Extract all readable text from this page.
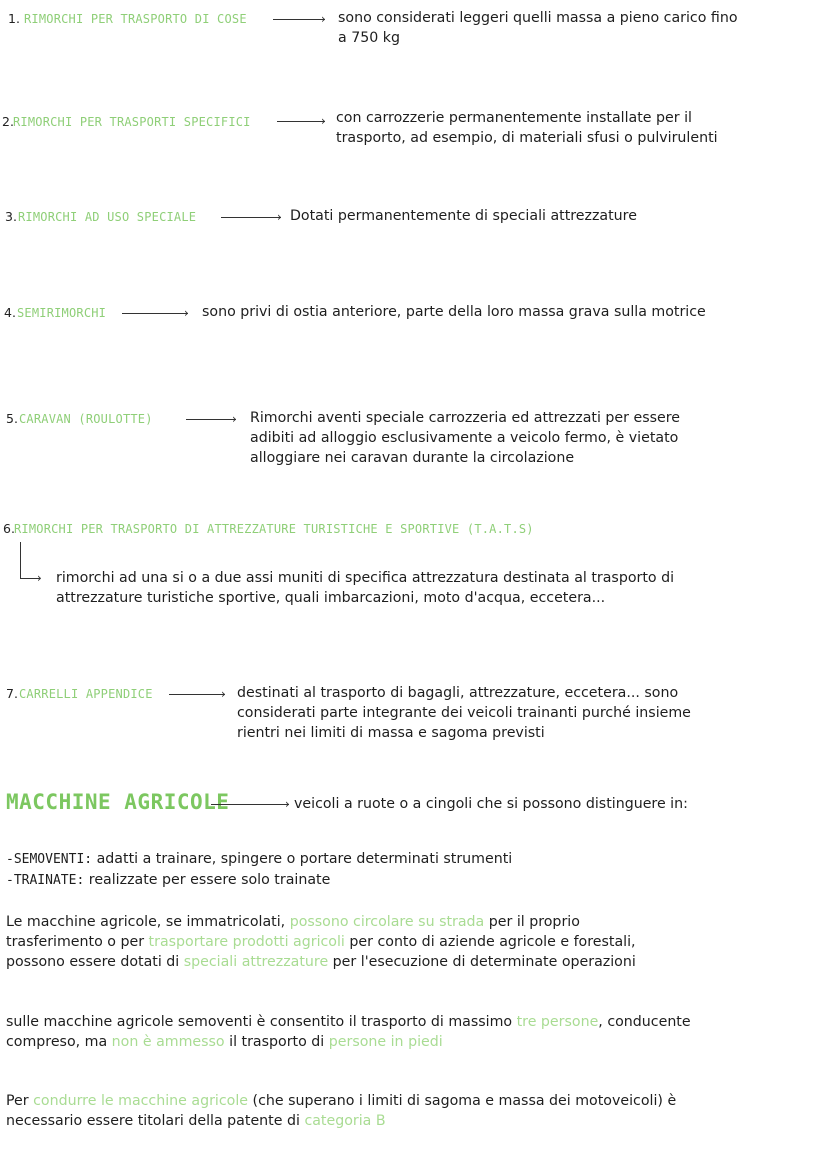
1. RIMORCHI PER TRASPORTO DI COSE	› sono considerati leggeri quelli massa a pieno carico fino
a 750 kg
2. RIMORCHI PER TRASPORTI SPECIFICI	› con carrozzerie permanentemente installate per il
trasporto, ad esempio, di materiali sfusi o pulvirulenti
3. RIMORCHI AD USO SPECIALE	› Dotati permanentemente di speciali attrezzature
4. SEMIRIMORCHI	› sono privi di ostia anteriore, parte della loro massa grava sulla motrice
5. CARAVAN (ROULOTTE)	› Rimorchi aventi speciale carrozzeria ed attrezzati per essere
adibiti ad alloggio esclusivamente a veicolo fermo, è vietato
alloggiare nei caravan durante la circolazione
6. RIMORCHI PER TRASPORTO DI ATTREZZATURE TURISTICHE E SPORTIVE (T.A.T.S)
› rimorchi ad una si o a due assi muniti di specifica attrezzatura destinata al trasporto di
attrezzature turistiche sportive, quali imbarcazioni, moto d'acqua, eccetera...
7. CARRELLI APPENDICE	› destinati al trasporto di bagagli, attrezzature, eccetera... sono
considerati parte integrante dei veicoli trainanti purché insieme
rientri nei limiti di massa e sagoma previsti
MACCHINE AGRICOLE	› veicoli a ruote o a cingoli che si possono distinguere in:
-SEMOVENTI: adatti a trainare, spingere o portare determinati strumenti
-TRAINATE: realizzate per essere solo trainate
Le macchine agricole, se immatricolati, possono circolare su strada per il proprio
trasferimento o per trasportare prodotti agricoli per conto di aziende agricole e forestali,
possono essere dotati di speciali attrezzature per l'esecuzione di determinate operazioni
sulle macchine agricole semoventi è consentito il trasporto di massimo tre persone, conducente
compreso, ma non è ammesso il trasporto di persone in piedi
Per condurre le macchine agricole (che superano i limiti di sagoma e massa dei motoveicoli) è
necessario essere titolari della patente di categoria B
